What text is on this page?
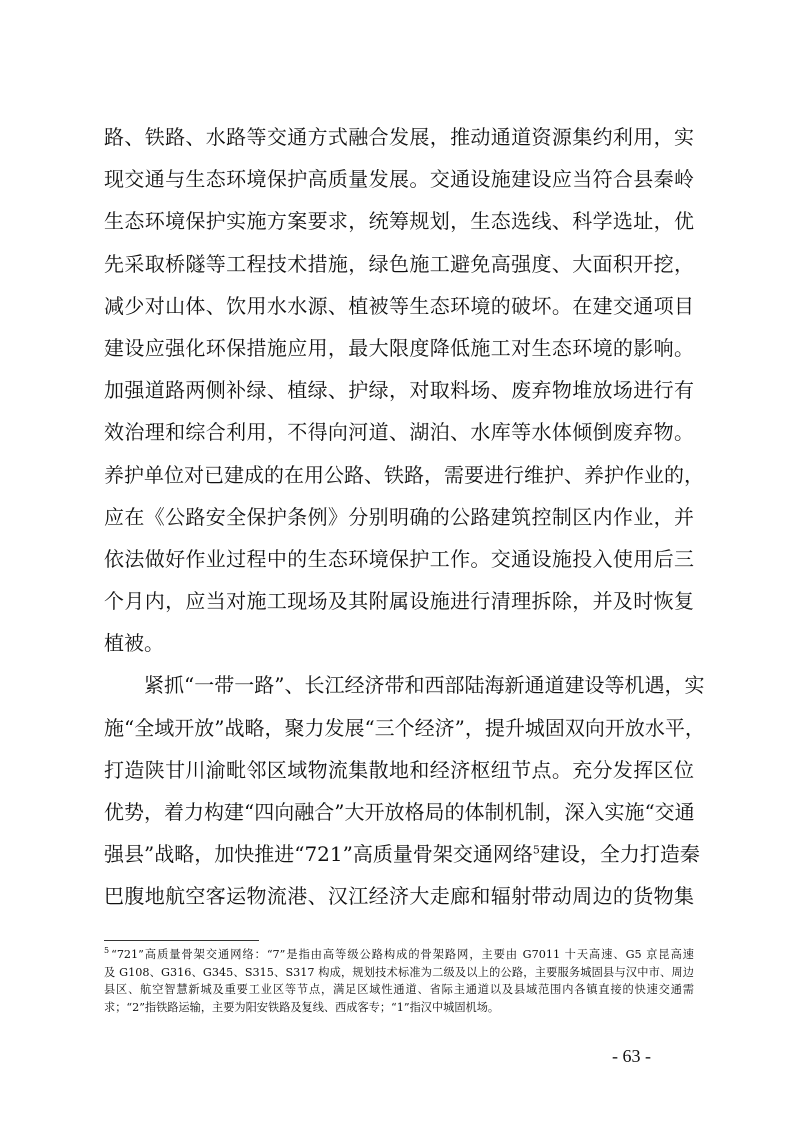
路、铁路、水路等交通方式融合发展，推动通道资源集约利用，实
现交通与生态环境保护高质量发展。交通设施建设应当符合县秦岭
生态环境保护实施方案要求，统筹规划，生态选线、科学选址，优
先采取桥隧等工程技术措施，绿色施工避免高强度、大面积开挖，
减少对山体、饮用水水源、植被等生态环境的破坏。在建交通项目
建设应强化环保措施应用，最大限度降低施工对生态环境的影响。
加强道路两侧补绿、植绿、护绿，对取料场、废弃物堆放场进行有
效治理和综合利用，不得向河道、湖泊、水库等水体倾倒废弃物。
养护单位对已建成的在用公路、铁路，需要进行维护、养护作业的，
应在《公路安全保护条例》分别明确的公路建筑控制区内作业，并
依法做好作业过程中的生态环境保护工作。交通设施投入使用后三
个月内，应当对施工现场及其附属设施进行清理拆除，并及时恢复
植被。
紧抓“一带一路”、长江经济带和西部陆海新通道建设等机遇，实
施“全域开放”战略，聚力发展“三个经济”，提升城固双向开放水平，
打造陕甘川渝毗邻区域物流集散地和经济枢纽节点。充分发挥区位
优势，着力构建“四向融合”大开放格局的体制机制，深入实施“交通
强县”战略，加快推进“721”高质量骨架交通网络$^5$建设，全力打造秦
巴腹地航空客运物流港、汉江经济大走廊和辐射带动周边的货物集
$^5$ “721”高质量骨架交通网络：“7”是指由高等级公路构成的骨架路网，主要由 G7011 十天高速、G5 京昆高速
及 G108、G316、G345、S315、S317 构成，规划技术标准为二级及以上的公路，主要服务城固县与汉中市、周边
县区、航空智慧新城及重要工业区等节点，满足区域性通道、省际主通道以及县域范围内各镇直接的快速交通需
求；“2”指铁路运输，主要为阳安铁路及复线、西成客专；“1”指汉中城固机场。
- 63 -
